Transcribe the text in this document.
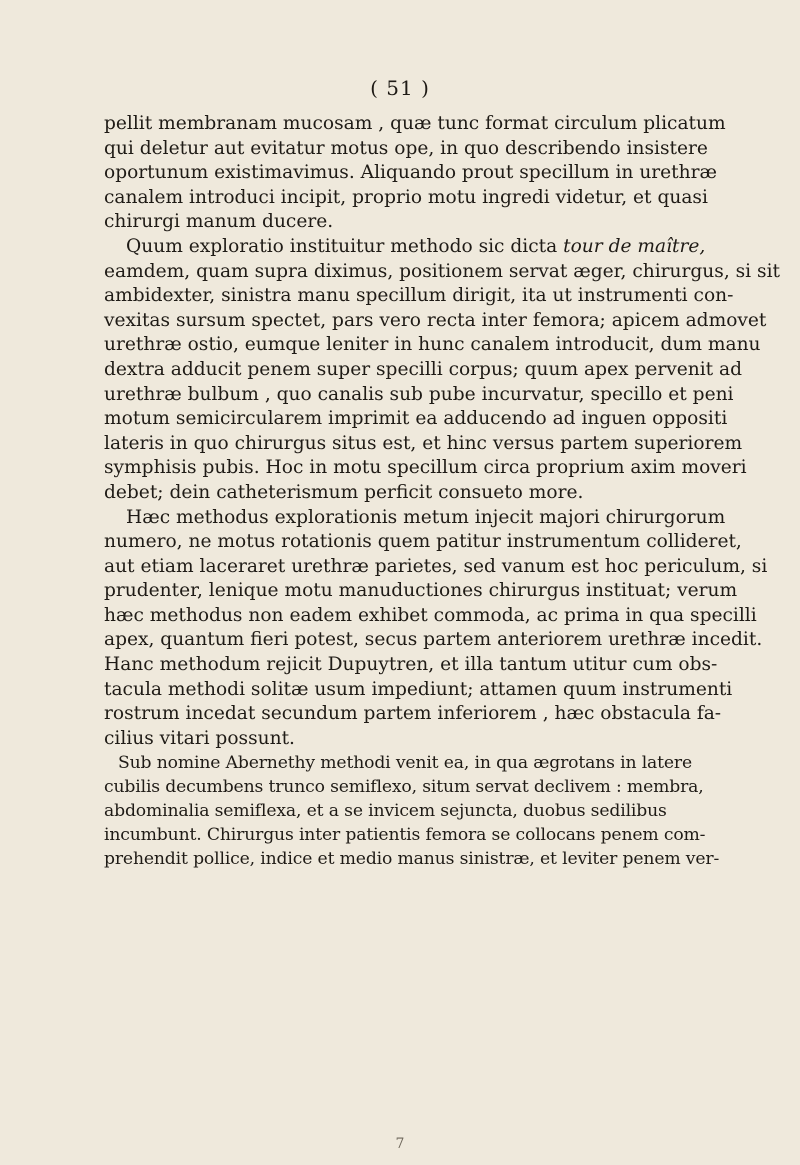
( 51 )
pellit membranam mucosam , quæ tunc format circulum plicatum
qui deletur aut evitatur motus ope, in quo describendo insistere
oportunum existimavimus. Aliquando prout specillum in urethræ
canalem introduci incipit, proprio motu ingredi videtur, et quasi
chirurgi manum ducere.
Quum exploratio instituitur methodo sic dicta tour de maître,
eamdem, quam supra diximus, positionem servat æger, chirurgus, si sit
ambidexter, sinistra manu specillum dirigit, ita ut instrumenti con-
vexitas sursum spectet, pars vero recta inter femora; apicem admovet
urethræ ostio, eumque leniter in hunc canalem introducit, dum manu
dextra adducit penem super specilli corpus; quum apex pervenit ad
urethræ bulbum , quo canalis sub pube incurvatur, specillo et peni
motum semicircularem imprimit ea adducendo ad inguen oppositi
lateris in quo chirurgus situs est, et hinc versus partem superiorem
symphisis pubis. Hoc in motu specillum circa proprium axim moveri
debet; dein catheterismum perficit consueto more.
Hæc methodus explorationis metum injecit majori chirurgorum
numero, ne motus rotationis quem patitur instrumentum collideret,
aut etiam laceraret urethræ parietes, sed vanum est hoc periculum, si
prudenter, lenique motu manuductiones chirurgus instituat; verum
hæc methodus non eadem exhibet commoda, ac prima in qua specilli
apex, quantum fieri potest, secus partem anteriorem urethræ incedit.
Hanc methodum rejicit Dupuytren, et illa tantum utitur cum obs-
tacula methodi solitæ usum impediunt; attamen quum instrumenti
rostrum incedat secundum partem inferiorem , hæc obstacula fa-
cilius vitari possunt.
Sub nomine Abernethy methodi venit ea, in qua ægrotans in latere
cubilis decumbens trunco semiflexo, situm servat declivem : membra,
abdominalia semiflexa, et a se invicem sejuncta, duobus sedilibus
incumbunt. Chirurgus inter patientis femora se collocans penem com-
prehendit pollice, indice et medio manus sinistræ, et leviter penem ver-
7
